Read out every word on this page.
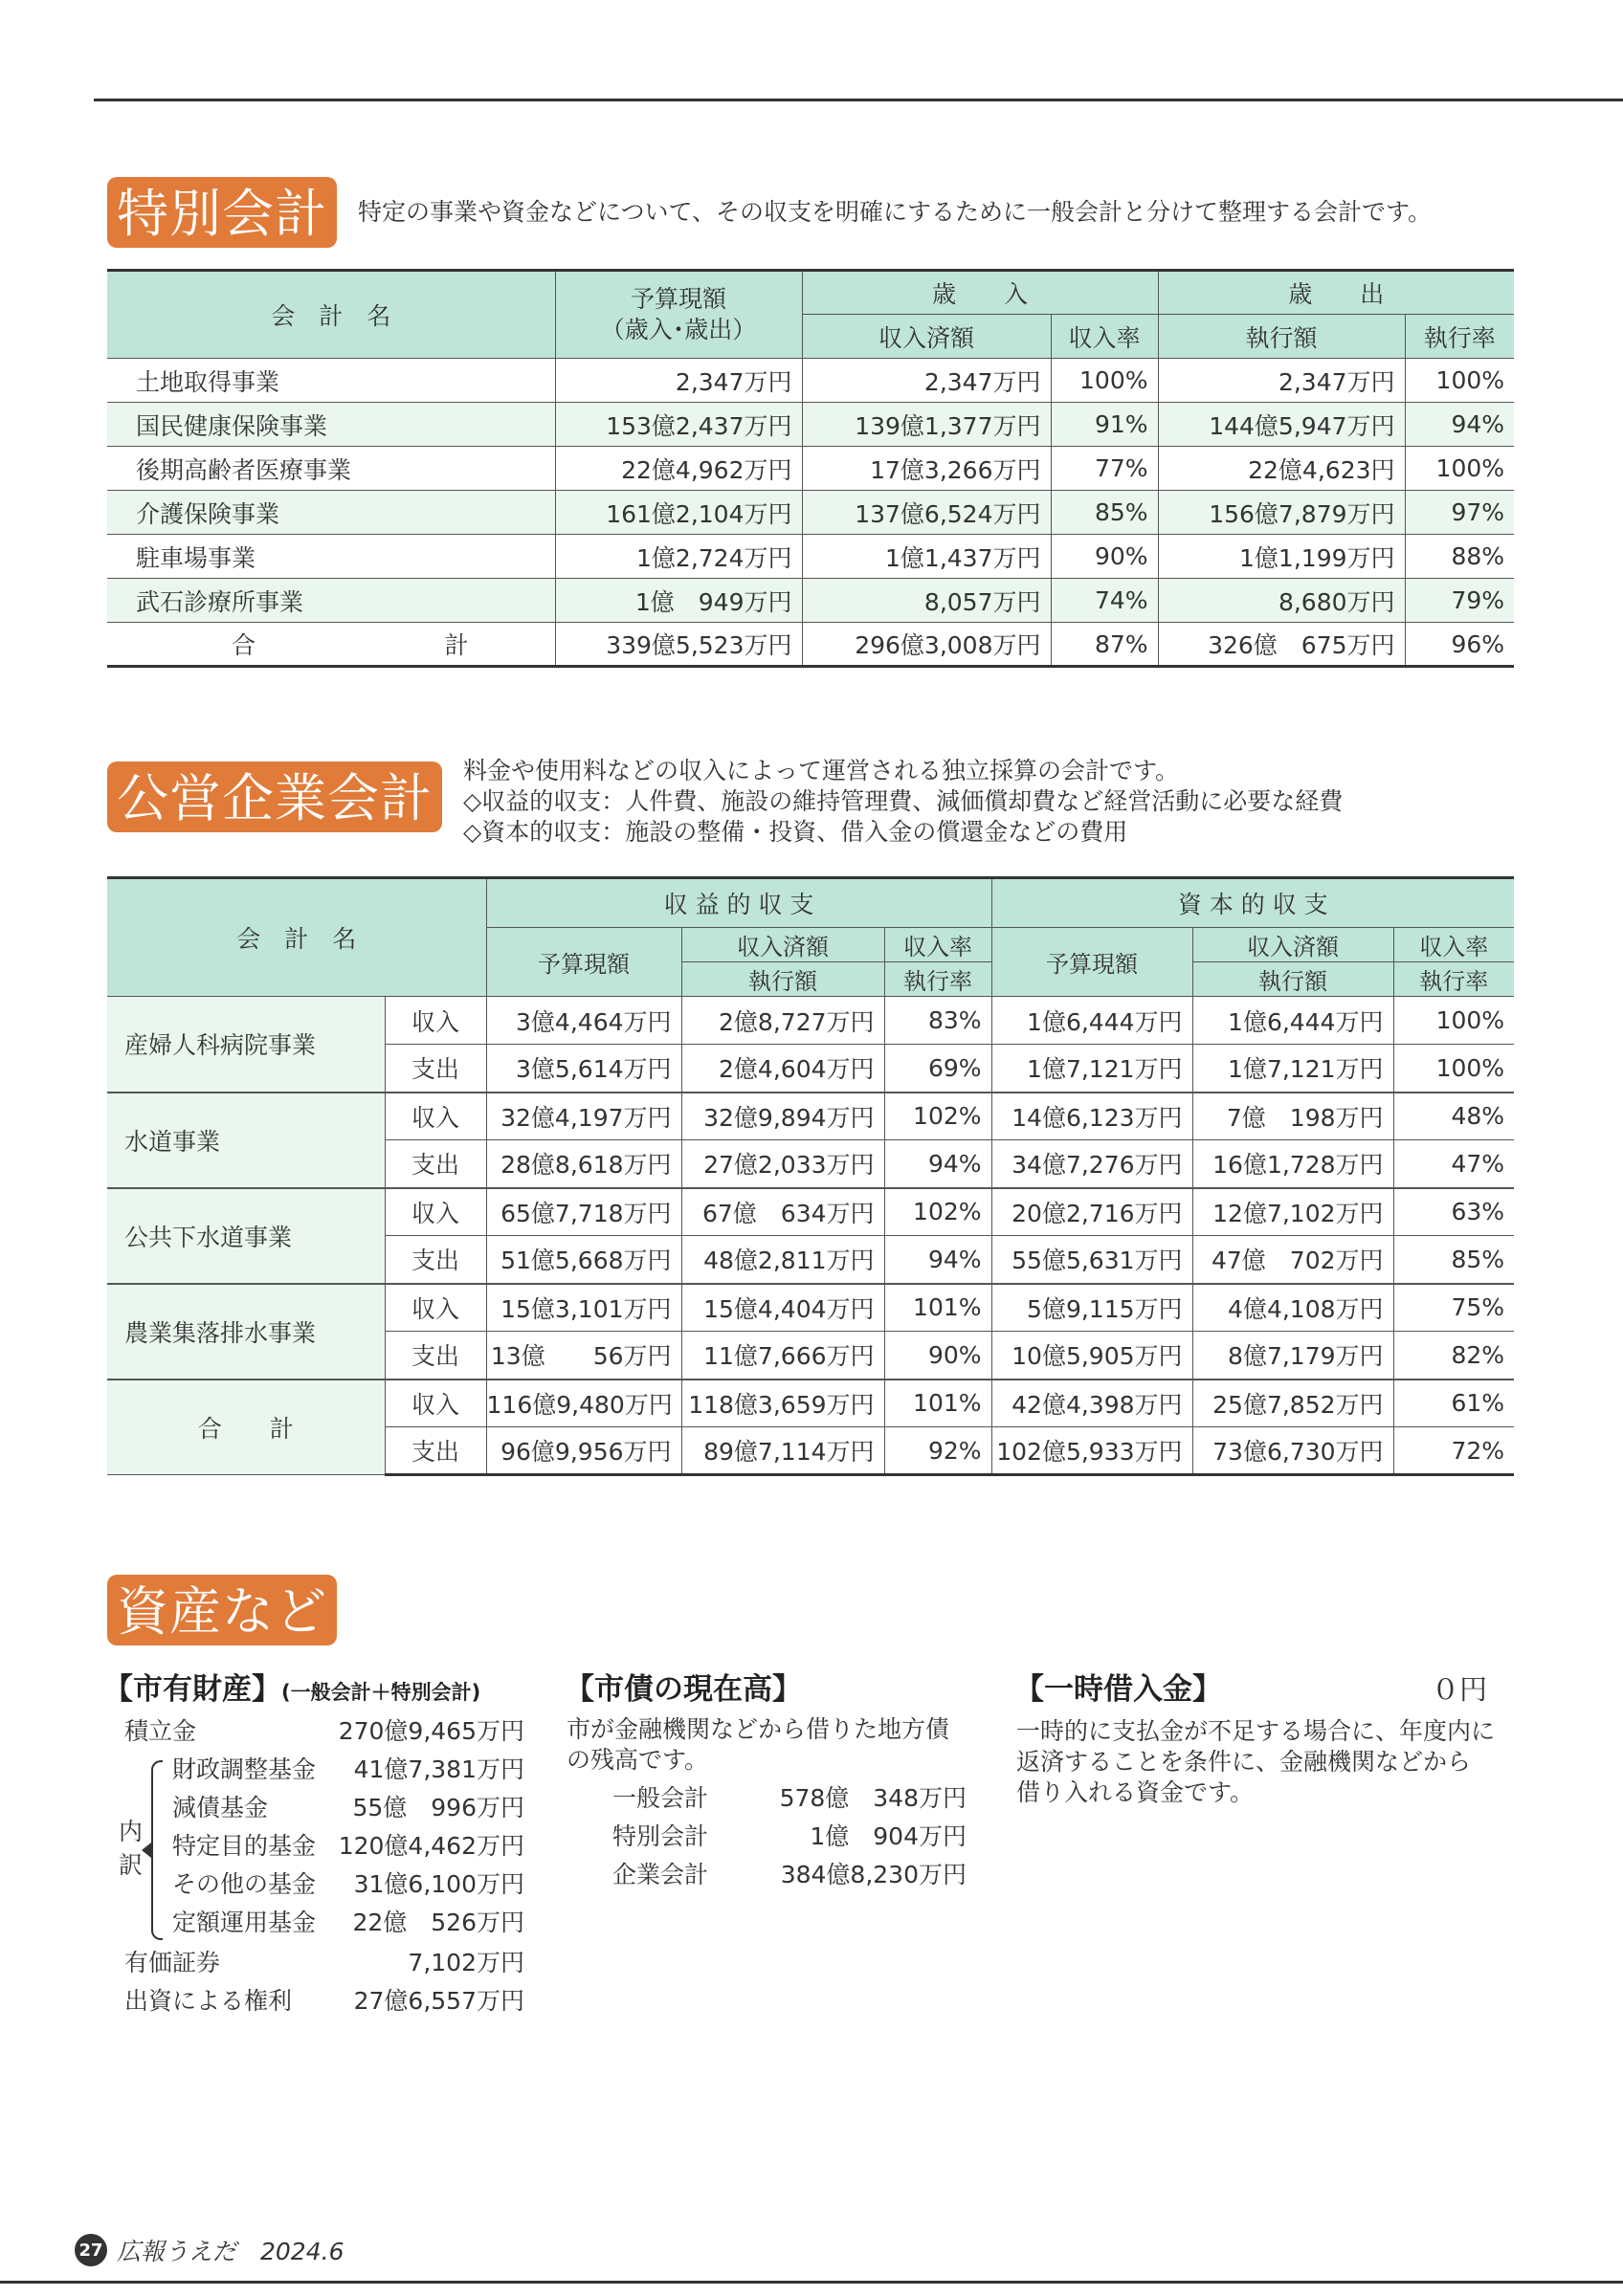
特別会計	特定の事業や資金などについて、その収支を明確にするために一般会計と分けて整理する会計です。
会　計　名	予算現額
（歳入･歳出）	歳　　入		歳　　出	
		収入済額	収入率	執行額	執行率
土地取得事業	2,347万円	2,347万円	100%	2,347万円	100%
国民健康保険事業	153億2,437万円	139億1,377万円	91%	144億5,947万円	94%
後期高齢者医療事業	22億4,962万円	17億3,266万円	77%	22億4,623円	100%
介護保険事業	161億2,104万円	137億6,524万円	85%	156億7,879万円	97%
駐車場事業	1億2,724万円	1億1,437万円	90%	1億1,199万円	88%
武石診療所事業	1億　949万円	8,057万円	74%	8,680万円	79%

合 計	339億5,523万円	296億3,008万円	87%	326億　675万円	96%
公営企業会計	料金や使用料などの収入によって運営される独立採算の会計です。
◇収益的収支：人件費、施設の維持管理費、減価償却費など経営活動に必要な経費
◇資本的収支：施設の整備・投資、借入金の償還金などの費用
会　計　名		収 益 的 収 支			資 本 的 収 支		
		予算現額	収入済額	収入率	予算現額	収入済額	収入率
			執行額	執行率		執行額	執行率
産婦人科病院事業	収入	3億4,464万円	2億8,727万円	83%	1億6,444万円	1億6,444万円	100%
	支出	3億5,614万円	2億4,604万円	69%	1億7,121万円	1億7,121万円	100%
水道事業	収入	32億4,197万円	32億9,894万円	102%	14億6,123万円	7億　198万円	48%
	支出	28億8,618万円	27億2,033万円	94%	34億7,276万円	16億1,728万円	47%
公共下水道事業	収入	65億7,718万円	67億　634万円	102%	20億2,716万円	12億7,102万円	63%
	支出	51億5,668万円	48億2,811万円	94%	55億5,631万円	47億　702万円	85%
農業集落排水事業	収入	15億3,101万円	15億4,404万円	101%	5億9,115万円	4億4,108万円	75%
	支出	13億　　56万円	11億7,666万円	90%	10億5,905万円	8億7,179万円	82%
合　　計	収入	116億9,480万円	118億3,659万円	101%	42億4,398万円	25億7,852万円	61%
	支出	96億9,956万円	89億7,114万円	92%	102億5,933万円	73億6,730万円	72%
資産など
【市有財産】(一般会計＋特別会計)
積立金	270億9,465万円
内
訳
財政調整基金 41億7,381万円
減債基金	55億　996万円
特定目的基金 120億4,462万円
その他の基金 31億6,100万円
定額運用基金 22億　526万円
有価証券	7,102万円
出資による権利	27億6,557万円
【市債の現在高】
市が金融機関などから借りた地方債
の残高です。
一般会計	578億　348万円
特別会計	1億　904万円
企業会計	384億8,230万円
【一時借入金】	０円
一時的に支払金が不足する場合に、年度内に
返済することを条件に、金融機関などから
借り入れる資金です。
27 広報うえだ　2024.6
